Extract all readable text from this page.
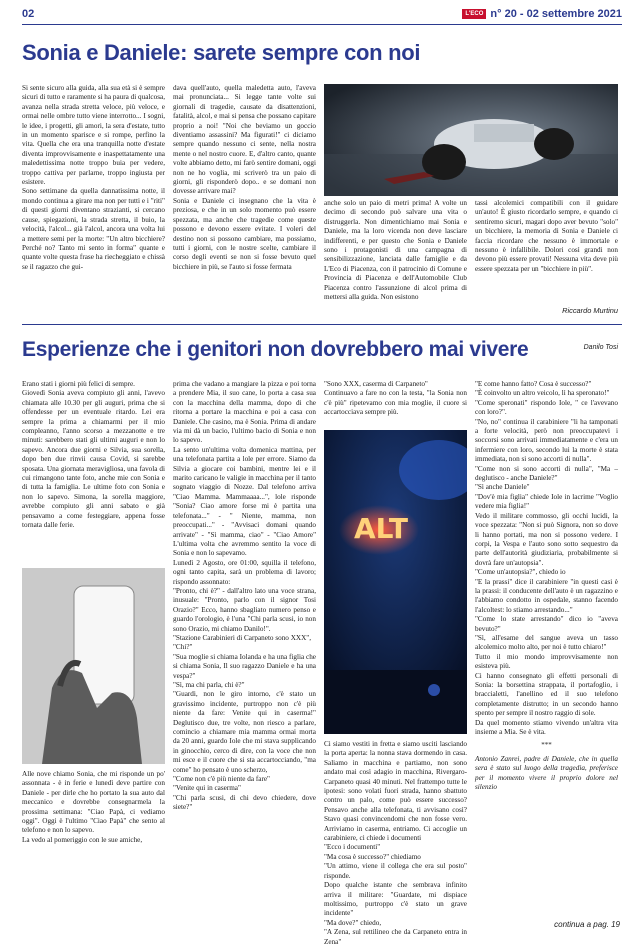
02	L'ECO n° 20 - 02 settembre 2021
Sonia e Daniele: sarete sempre con noi
Si sente sicuro alla guida, alla sua età si è sempre sicuri di tutto e raramente si ha paura di qualcosa, avanza nella strada stretta veloce, più veloce, e ormai nelle ombre tutto viene interrotto... I sogni, le idee, i progetti, gli amori, la sera d'estate, tutto in un momento sparisce e si rompe, perfino la vita. Quella che era una tranquilla notte d'estate diventa improvvisamente e inaspettatamente una maledettissima notte troppo buia per vedere, troppo cattiva per parlarne, troppo ingiusta per esistere.
Sono settimane da quella dannatissima notte, il mondo continua a girare ma non per tutti e i "riti" di questi giorni diventano strazianti, si cercano cause, spiegazioni, la strada stretta, il buio, la velocità, l'alcol... già l'alcol, ancora una volta lui a mettere semi per la morte: "Un altro bicchiere? Perché no? Tanto mi sento in forma" quante e quante volte questa frase ha riecheggiato e chissà se il ragazzo che gui-
dava quell'auto, quella maledetta auto, l'aveva mai pronunciata... Si legge tante volte sui giornali di tragedie, causate da disattenzioni, fatalità, alcol, e mai si pensa che possano capitare proprio a noi! "Noi che beviamo un goccio diventiamo assassini? Ma figurati!" ci diciamo sempre quando nessuno ci sente, nella nostra mente o nel nostro cuore. E, d'altro canto, quante volte abbiamo detto, mi farò sentire domani, oggi non ne ho voglia, mi scriverò tra un paio di giorni, gli risponderò dopo.. e se domani non dovesse arrivare mai?
Sonia e Daniele ci insegnano che la vita è preziosa, e che in un solo momento può essere spezzata, ma anche che tragedie come queste possono e devono essere evitate. I voleri del destino non si possono cambiare, ma possiamo, tutti i giorni, con le nostre scelte, cambiare il corso degli eventi se non si fosse bevuto quel bicchiere in più, se l'auto si fosse fermata
anche solo un paio di metri prima! A volte un decimo di secondo può salvare una vita o distruggerla. Non dimentichiamo mai Sonia e Daniele, ma la loro vicenda non deve lasciare indifferenti, e per questo che Sonia e Daniele sono i protagonisti di una campagna di sensibilizzazione, lanciata dalle famiglie e da L'Eco di Piacenza, con il patrocinio di Comune e Provincia di Piacenza e dell'Automobile Club Piacenza contro l'assunzione di alcol prima di mettersi alla guida. Non esistono
tassi alcolemici compatibili con il guidare un'auto! È giusto ricordarlo sempre, e quando ci sentiremo sicuri, magari dopo aver bevuto "solo" un bicchiere, la memoria di Sonia e Daniele ci faccia ricordare che nessuno è immortale e nessuno è infallibile. Dolori così grandi non devono più essere provati! Nessuna vita deve più essere spezzata per un "bicchiere in più".
Riccardo Murtinu
Esperienze che i genitori non dovrebbero mai vivere	Danilo Tosi
Erano stati i giorni più felici di sempre.
Giovedì Sonia aveva compiuto gli anni, l'avevo chiamata alle 10.30 per gli auguri, prima che si offendesse per un eventuale ritardo. Lei era sempre la prima a chiamarmi per il mio compleanno, l'anno scorso a mezzanotte e tre minuti: sarebbero stati gli ultimi auguri e non lo sapevo. Ancora due giorni e Silvia, sua sorella, dopo ben due rinvii causa Covid, si sarebbe sposata. Una giornata meravigliosa, una favola di cui rimangono tante foto, anche mie con Sonia e di tutta la famiglia. Le ultime foto con Sonia e non lo sapevo. Simona, la sorella maggiore, avrebbe compiuto gli anni sabato e già pensavamo a come festeggiare, appena fosse tornata dalle ferie.
Alle nove chiamo Sonia, che mi risponde un po' assonnata - è in ferie e lunedì deve partire con Daniele - per dirle che ho portato la sua auto dal meccanico e dovrebbe consegnarmela la prossima settimana: "Ciao Papà, ci vediamo oggi". Oggi è l'ultimo "Ciao Papà" che sento al telefono e non lo sapevo.
La vedo al pomeriggio con le sue amiche,
prima che vadano a mangiare la pizza e poi torna a prendere Mia, il suo cane, lo porta a casa sua con la macchina della mamma, dopo di che ritorna a portare la macchina e poi a casa con Daniele. Che casino, ma è Sonia. Prima di andare via mi dà un bacio, l'ultimo bacio di Sonia e non lo sapevo.
La sento un'ultima volta domenica mattina, per una telefonata partita a lole per errore. Siamo da Silvia a giocare coi bambini, mentre lei e il marito caricano le valigie in macchina per il tanto sognato viaggio di Nozze. Dal telefono arriva "Ciao Mamma. Mammaaaa...", lole risponde "Sonia? Ciao amore forse mi è partita una telefonata..." - " Niente, mamma, non preoccupati..." - "Avvisaci domani quando arrivate" - "Sì mamma, ciao" - "Ciao Amore" L'ultima volta che avremmo sentito la voce di Sonia e non lo sapevamo.
Lunedì 2 Agosto, ore 01:00, squilla il telefono, ogni tanto capita, sarà un problema di lavoro; rispondo assonnato:
"Pronto, chi è?" - dall'altro lato una voce strana, inusuale: "Pronto, parlo con il signor Tosi Orazio?" Ecco, hanno sbagliato numero penso e guardo l'orologio, è l'una "Chi parla scusi, io non sono Orazio, mi chiamo Danilo!".
"Stazione Carabinieri di Carpaneto sono XXX",
"Chi?"
"Sua moglie si chiama Iolanda e ha una figlia che si chiama Sonia, Il suo ragazzo Daniele e ha una vespa?"
"Sì, ma chi parla, chi è?"
"Guardi, non le giro intorno, c'è stato un gravissimo incidente, purtroppo non c'è più niente da fare: Venite qui in caserma!" Deglutisco due, tre volte, non riesco a parlare, comincio a chiamare mia mamma ormai morta da 20 anni, guardo Iole che mi stava supplicando in ginocchio, cerco di dire, con la voce che non mi esce e il cuore che si sta accartocciando, "ma come" ho pensato è uno scherzo,
"Come non c'è più niente da fare"
"Venite qui in caserma"
"Chi parla scusi, di chi devo chiedere, dove siete?"
"Sono XXX, caserma di Carpaneto"
Continuavo a fare no con la testa, "la Sonia non c'è più" ripetevamo con mia moglie, il cuore si accartocciava sempre più.
ALT
Ci siamo vestiti in fretta e siamo usciti lasciando la porta aperta: la nonna stava dormendo in casa. Saliamo in macchina e partiamo, non sono andato mai così adagio in macchina, Rivergaro-Carpaneto quasi 40 minuti. Nel frattempo tutte le ipotesi: sono volati fuori strada, hanno sbattuto contro un palo, come può essere successo? Pensavo anche alla telefonata, ti avvisano così? Stavo quasi convincendomi che non fosse vero. Arriviamo in caserma, entriamo. Ci accoglie un carabiniere, ci chiede i documenti
"Ecco i documenti"
"Ma cosa è successo?" chiediamo
"Un attimo, viene il collega che era sul posto" risponde.
Dopo qualche istante che sembrava infinito arriva il militare: "Guardate, mi dispiace moltissimo, purtroppo c'è stato un grave incidente"
"Ma dove?" chiedo,
"A Zena, sul rettilineo che da Carpaneto entra in Zena"
"E come hanno fatto? Cosa è successo?"
"È coinvolto un altro veicolo, lì ha speronato!"
"Come speronati" rispondo Iole, " ce l'avevano con loro?".
"No, no" continua il carabiniere "li ha tamponati a forte velocità, però non preoccupatevi i soccorsi sono arrivati immediatamente e c'era un infermiere con loro, secondo lui la morte è stata immediata, non si sono accorti di nulla".
"Come non si sono accorti di nulla", "Ma – deglutisco - anche Daniele?"
"Sì anche Daniele"
"Dov'è mia figlia" chiede Iole in lacrime "Voglio vedere mia figlia!"
Vedo il militare commosso, gli occhi lucidi, la voce spezzata: "Non si può Signora, non so dove li hanno portati, ma non si possono vedere. I corpi, la Vespa e l'auto sono sotto sequestro da parte dell'autorità giudiziaria, probabilmente si dovrà fare un'autopsia".
"Come un'autopsia?", chiedo io
"E la prassi" dice il carabiniere "in questi casi è la prassi: il conducente dell'auto è un ragazzino e l'abbiamo condotto in ospedale, stanno facendo l'alcoltest: lo stiamo arrestando..."
"Come lo state arrestando" dico io "aveva bevuto?"
"Sì, all'esame del sangue aveva un tasso alcolemico molto alto, per noi è tutto chiaro!"
Tutto il mio mondo improvvisamente non esisteva più.
Ci hanno consegnato gli effetti personali di Sonia: la borsettina strappata, il portafoglio, i braccialetti, l'anellino ed il suo telefono completamente distrutto; in un secondo hanno spento per sempre il nostro raggio di sole.
Da quel momento stiamo vivendo un'altra vita insieme a Mia. Se è vita.
***
Antonio Zanrei, padre di Daniele, che in quella sera è stato sul luogo della tragedia, preferisce per il momento vivere il proprio dolore nel silenzio
continua a pag. 19
